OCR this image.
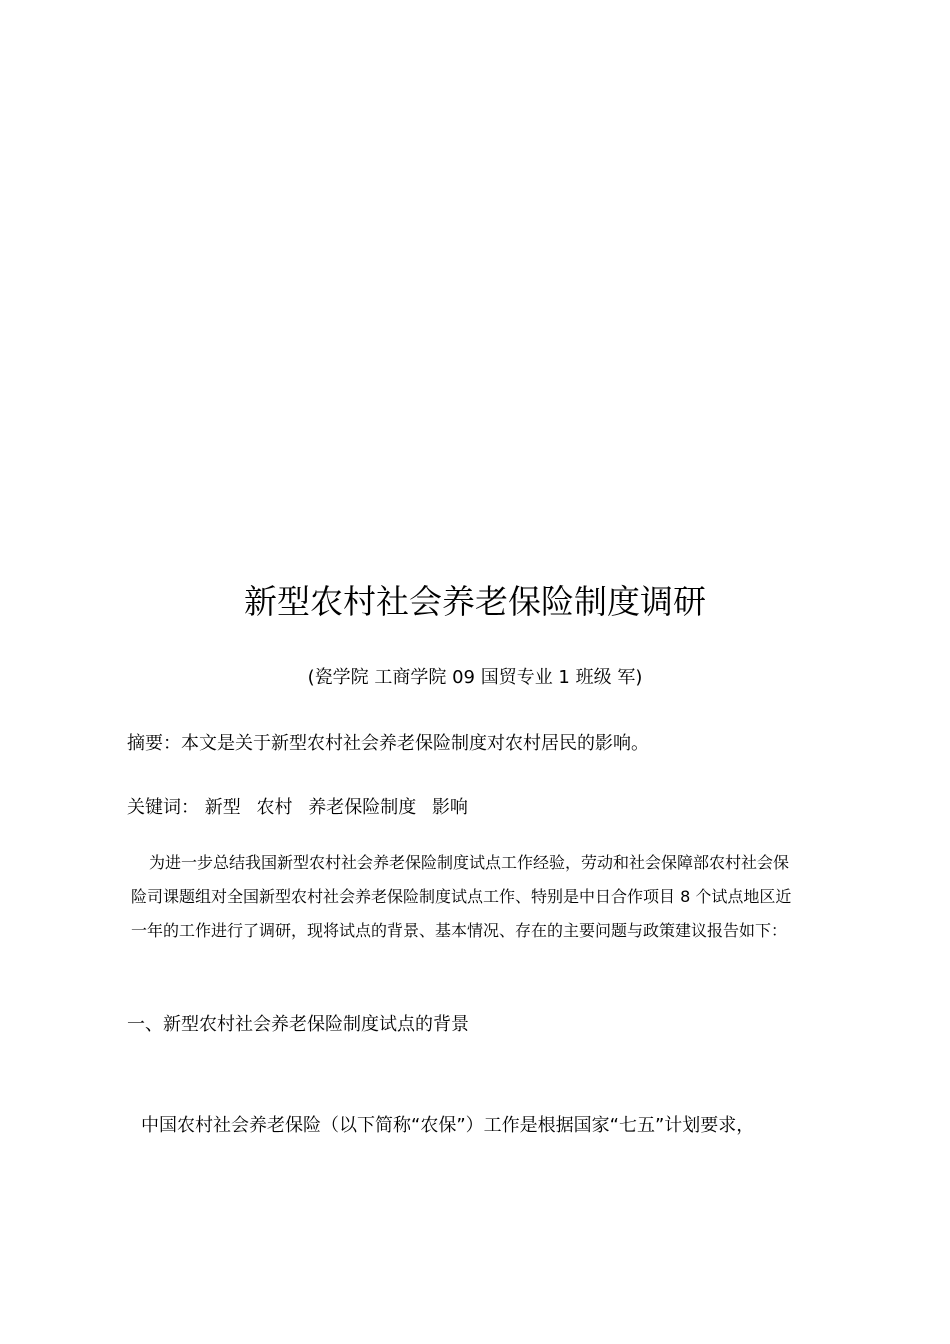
新型农村社会养老保险制度调研
(瓷学院 工商学院 09 国贸专业 1 班级 军)
摘要：本文是关于新型农村社会养老保险制度对农村居民的影响。
关键词： 新型 农村 养老保险制度 影响
为进一步总结我国新型农村社会养老保险制度试点工作经验，劳动和社会保障部农村社会保
险司课题组对全国新型农村社会养老保险制度试点工作、特别是中日合作项目 8 个试点地区近
一年的工作进行了调研，现将试点的背景、基本情况、存在的主要问题与政策建议报告如下：
一、新型农村社会养老保险制度试点的背景
中国农村社会养老保险（以下简称“农保”）工作是根据国家“七五”计划要求，
